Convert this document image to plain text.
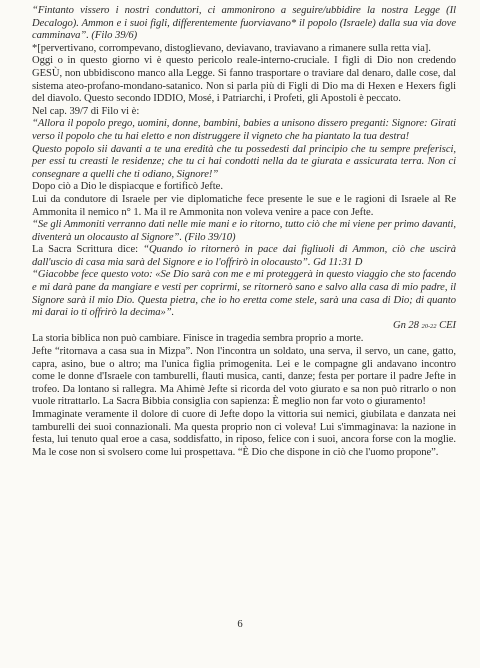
“Fintanto vissero i nostri conduttori, ci ammonirono a seguire/ubbidire la nostra Legge (Il Decalogo). Ammon e i suoi figli, differentemente fuorviavano* il popolo (Israele) dalla sua via dove camminava”. (Filo 39/6)

*[pervertivano, corrompevano, distoglievano, deviavano, traviavano a rimanere sulla retta via].

Oggi o in questo giorno vi è questo pericolo reale-interno-cruciale. I figli di Dio non credendo GESÙ, non ubbidiscono manco alla Legge. Si fanno trasportare o traviare dal denaro, dalle cose, dal sistema ateo-profano-mondano-satanico. Non si parla più di Figli di Dio ma di Hexen e Hexers figli del diavolo. Questo secondo IDDIO, Mosé, i Patriarchi, i Profeti, gli Apostoli è peccato.

Nel cap. 39/7 di Filo vi è:

“Allora il popolo prego, uomini, donne, bambini, babies a unisono dissero preganti: Signore: Girati verso il popolo che tu hai eletto e non distruggere il vigneto che ha piantato la tua destra!

Questo popolo sii davanti a te una eredità che tu possedesti dal principio che tu sempre preferisci, per essi tu creasti le residenze; che tu ci hai condotti nella da te giurata e assicurata terra. Non ci consegnare a quelli che ti odiano, Signore!”

Dopo ciò a Dio le dispiacque e fortificò Jefte.

Lui da condutore di Israele per vie diplomatiche fece presente le sue e le ragioni di Israele al Re Ammonita il nemico n° 1. Ma il re Ammonita non voleva venire a pace con Jefte.

“Se gli Ammoniti verranno dati nelle mie mani e io ritorno, tutto ciò che mi viene per primo davanti, diventerà un olocausto al Signore”. (Filo 39/10)

La Sacra Scrittura dice: “Quando io ritornerò in pace dai figliuoli di Ammon, ciò che uscirà dall'uscio di casa mia sarà del Signore e io l'offrirò in olocausto”. Gd 11:31 D

“Giacobbe fece questo voto: «Se Dio sarà con me e mi proteggerà in questo viaggio che sto facendo e mi darà pane da mangiare e vesti per coprirmi, se ritornerò sano e salvo alla casa di mio padre, il Signore sarà il mio Dio. Questa pietra, che io ho eretta come stele, sarà una casa di Dio; di quanto mi darai io ti offrirò la decima»”.

Gn 28 20-22 CEI

La storia biblica non può cambiare. Finisce in tragedia sembra proprio a morte.

Jefte “ritornava a casa sua in Mizpa”. Non l'incontra un soldato, una serva, il servo, un cane, gatto, capra, asino, bue o altro; ma l'unica figlia primogenita. Lei e le compagne gli andavano incontro come le donne d'Israele con tamburelli, flauti musica, canti, danze; festa per portare il padre Jefte in trofeo. Da lontano si rallegra. Ma Ahimè Jefte si ricorda del voto giurato e sa non può ritrarlo o non vuole ritrattarlo. La Sacra Bibbia consiglia con sapienza: È meglio non far voto o giuramento!

Immaginate veramente il dolore di cuore di Jefte dopo la vittoria sui nemici, giubilata e danzata nei tamburelli dei suoi connazionali. Ma questa proprio non ci voleva! Lui s'immaginava: la nazione in festa, lui tenuto qual eroe a casa, soddisfatto, in riposo, felice con i suoi, ancora forse con la moglie. Ma le cose non si svolsero come lui prospettava. “È Dio che dispone in ciò che l'uomo propone”.

6
